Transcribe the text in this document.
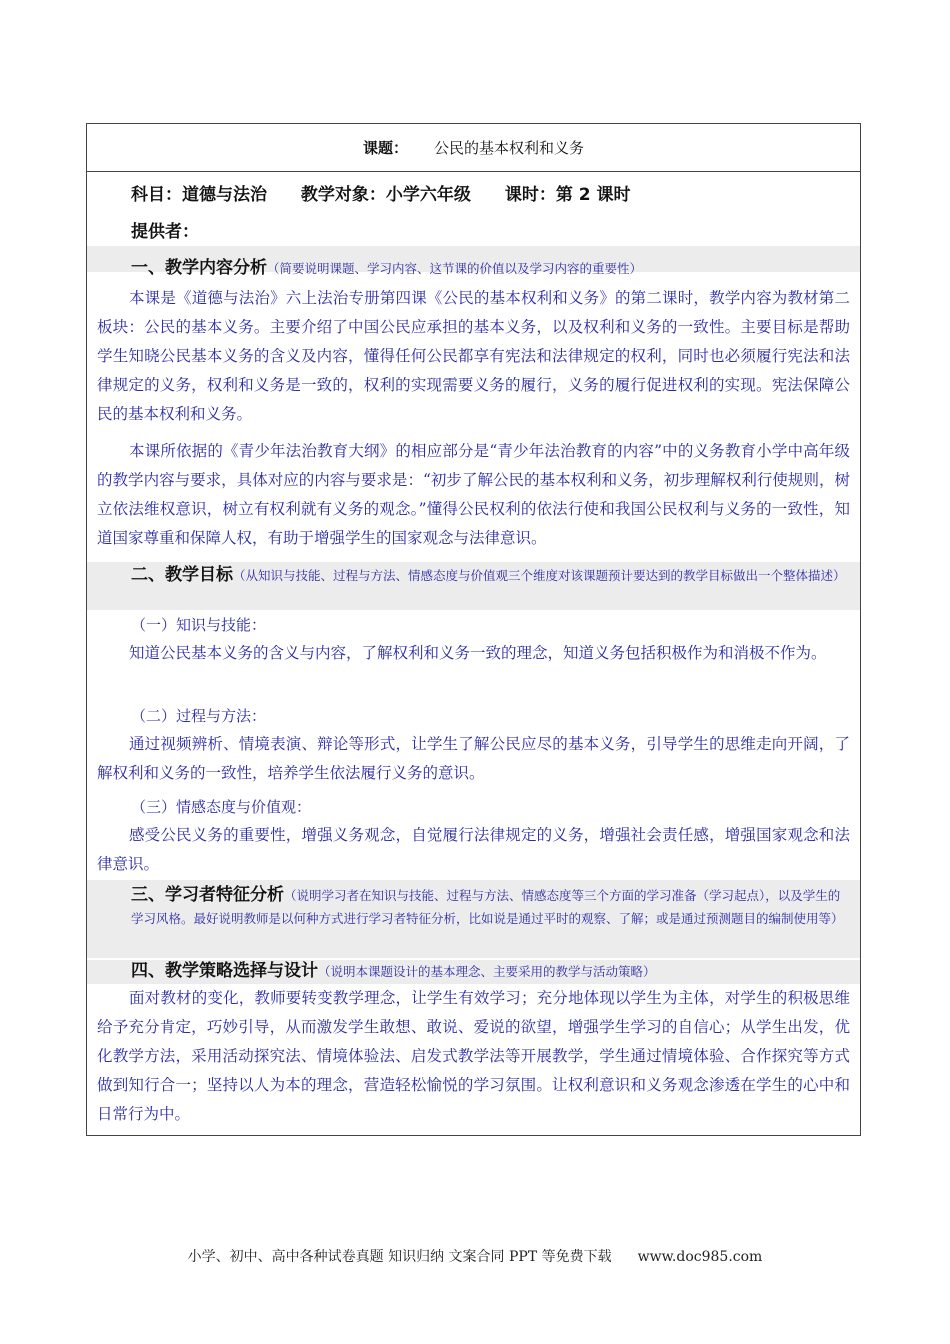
课题： 公民的基本权利和义务
科目：道德与法治 教学对象：小学六年级 课时：第 2 课时
提供者：
一、教学内容分析（简要说明课题、学习内容、这节课的价值以及学习内容的重要性）
本课是《道德与法治》六上法治专册第四课《公民的基本权利和义务》的第二课时，教学内容为教材第二板块：公民的基本义务。主要介绍了中国公民应承担的基本义务，以及权利和义务的一致性。主要目标是帮助学生知晓公民基本义务的含义及内容，懂得任何公民都享有宪法和法律规定的权利，同时也必须履行宪法和法律规定的义务，权利和义务是一致的，权利的实现需要义务的履行，义务的履行促进权利的实现。宪法保障公民的基本权利和义务。
本课所依据的《青少年法治教育大纲》的相应部分是“青少年法治教育的内容”中的义务教育小学中高年级的教学内容与要求，具体对应的内容与要求是：“初步了解公民的基本权利和义务，初步理解权利行使规则，树立依法维权意识，树立有权利就有义务的观念。”懂得公民权利的依法行使和我国公民权利与义务的一致性，知道国家尊重和保障人权，有助于增强学生的国家观念与法律意识。
二、教学目标（从知识与技能、过程与方法、情感态度与价值观三个维度对该课题预计要达到的教学目标做出一个整体描述）
（一）知识与技能：
知道公民基本义务的含义与内容，了解权利和义务一致的理念，知道义务包括积极作为和消极不作为。
（二）过程与方法：
通过视频辨析、情境表演、辩论等形式，让学生了解公民应尽的基本义务，引导学生的思维走向开阔，了解权利和义务的一致性，培养学生依法履行义务的意识。
（三）情感态度与价值观：
感受公民义务的重要性，增强义务观念，自觉履行法律规定的义务，增强社会责任感，增强国家观念和法律意识。
三、学习者特征分析（说明学习者在知识与技能、过程与方法、情感态度等三个方面的学习准备（学习起点），以及学生的学习风格。最好说明教师是以何种方式进行学习者特征分析，比如说是通过平时的观察、了解；或是通过预测题目的编制使用等）
四、教学策略选择与设计（说明本课题设计的基本理念、主要采用的教学与活动策略）
面对教材的变化，教师要转变教学理念，让学生有效学习；充分地体现以学生为主体，对学生的积极思维给予充分肯定，巧妙引导，从而激发学生敢想、敢说、爱说的欲望，增强学生学习的自信心；从学生出发，优化教学方法，采用活动探究法、情境体验法、启发式教学法等开展教学，学生通过情境体验、合作探究等方式做到知行合一；坚持以人为本的理念，营造轻松愉悦的学习氛围。让权利意识和义务观念渗透在学生的心中和日常行为中。
小学、初中、高中各种试卷真题 知识归纳 文案合同 PPT 等免费下载 www.doc985.com
